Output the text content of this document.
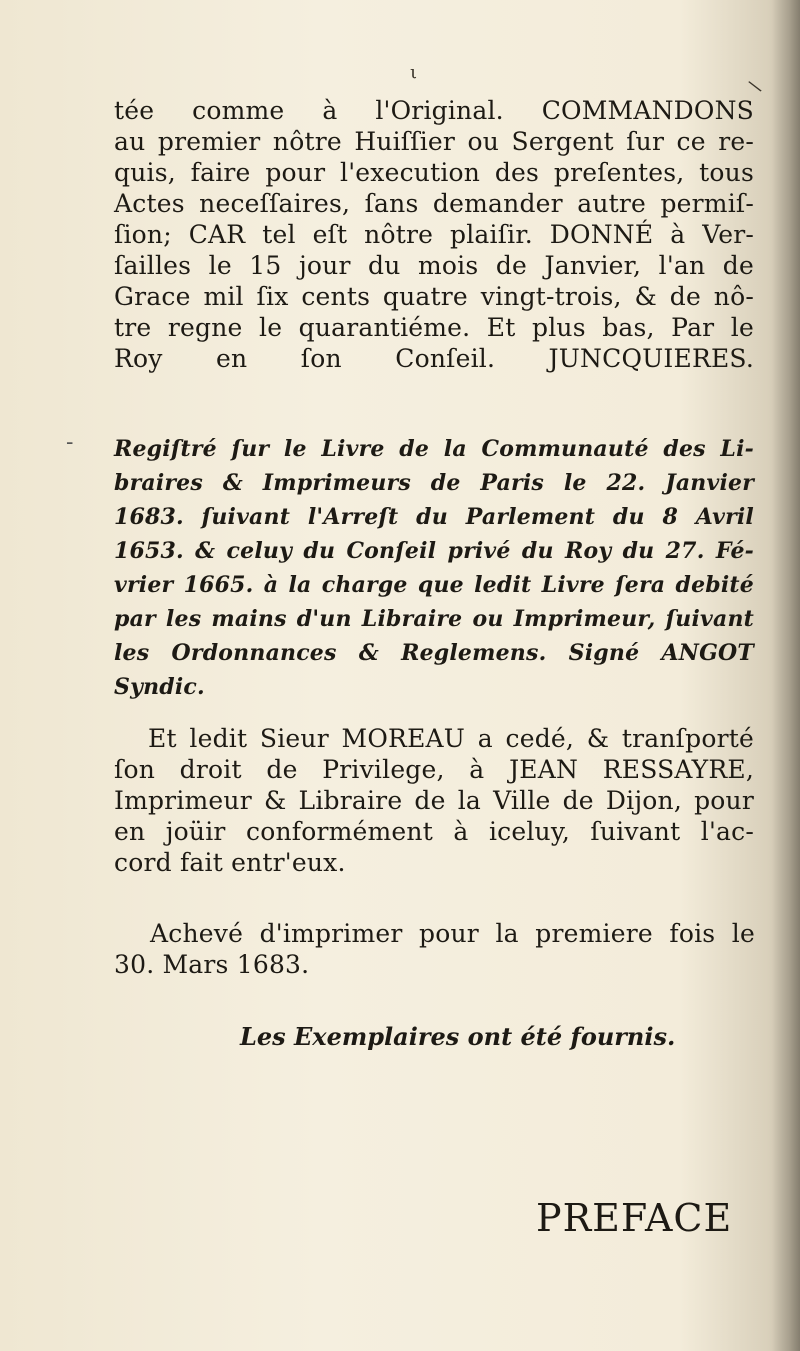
ι
\
-
tée comme à l'Original. COMMANDONS
au premier nôtre Huiſſier ou Sergent ſur ce re-
quis, faire pour l'execution des preſentes, tous
Actes neceſſaires, ſans demander autre permiſ-
ſion; CAR tel eſt nôtre plaiſir. DONNÉ à Ver-
ſailles le 15 jour du mois de Janvier, l'an de
Grace mil ſix cents quatre vingt-trois, & de nô-
tre regne le quarantiéme. Et plus bas, Par le
Roy en ſon Conſeil. JUNCQUIERES.
Regiſtré ſur le Livre de la Communauté des Li-
braires & Imprimeurs de Paris le 22. Janvier
1683. ſuivant l'Arreſt du Parlement du 8 Avril
1653. & celuy du Conſeil privé du Roy du 27. Fé-
vrier 1665. à la charge que ledit Livre ſera debité
par les mains d'un Libraire ou Imprimeur, ſuivant
les Ordonnances & Reglemens. Signé ANGOT
Syndic.
Et ledit Sieur MOREAU a cedé, & tranſporté
ſon droit de Privilege, à JEAN RESSAYRE,
Imprimeur & Libraire de la Ville de Dijon, pour
en joüir conformément à iceluy, ſuivant l'ac-
cord fait entr'eux.
Achevé d'imprimer pour la premiere fois le
30. Mars 1683.
Les Exemplaires ont été fournis.
PREFACE
